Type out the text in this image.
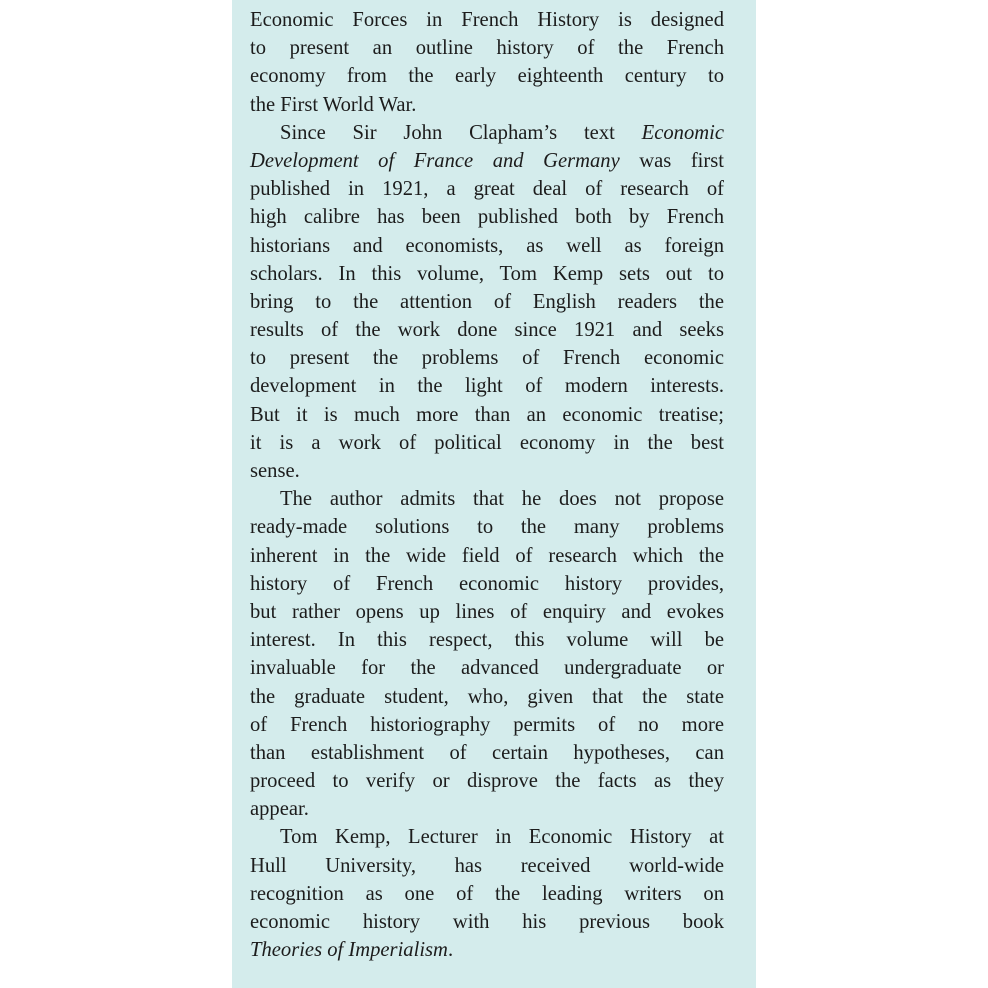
Economic Forces in French History is designed
to present an outline history of the French
economy from the early eighteenth century to
the First World War.
Since Sir John Clapham’s text Economic
Development of France and Germany was first
published in 1921, a great deal of research of
high calibre has been published both by French
historians and economists, as well as foreign
scholars. In this volume, Tom Kemp sets out to
bring to the attention of English readers the
results of the work done since 1921 and seeks
to present the problems of French economic
development in the light of modern interests.
But it is much more than an economic treatise;
it is a work of political economy in the best
sense.
The author admits that he does not propose
ready-made solutions to the many problems
inherent in the wide field of research which the
history of French economic history provides,
but rather opens up lines of enquiry and evokes
interest. In this respect, this volume will be
invaluable for the advanced undergraduate or
the graduate student, who, given that the state
of French historiography permits of no more
than establishment of certain hypotheses, can
proceed to verify or disprove the facts as they
appear.
Tom Kemp, Lecturer in Economic History at
Hull University, has received world-wide
recognition as one of the leading writers on
economic history with his previous book
Theories of Imperialism.
